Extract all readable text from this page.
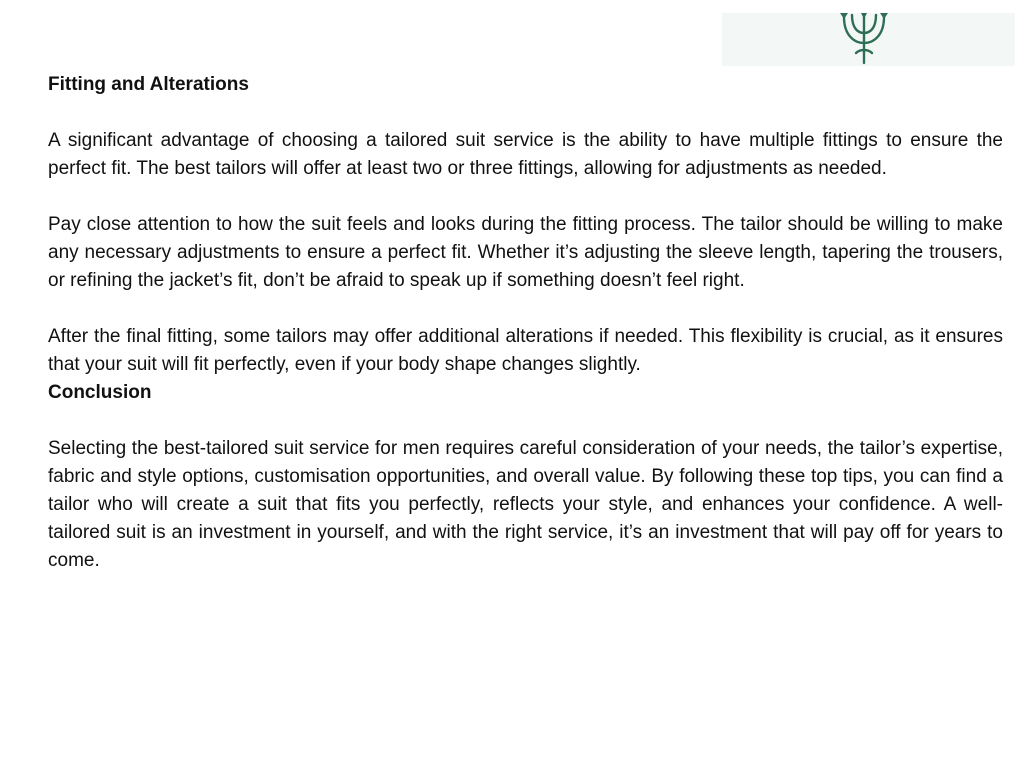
Fitting and Alterations

A significant advantage of choosing a tailored suit service is the ability to have multiple fittings to ensure the perfect fit. The best tailors will offer at least two or three fittings, allowing for adjustments as needed.

Pay close attention to how the suit feels and looks during the fitting process. The tailor should be willing to make any necessary adjustments to ensure a perfect fit. Whether it’s adjusting the sleeve length, tapering the trousers, or refining the jacket’s fit, don’t be afraid to speak up if something doesn’t feel right.

After the final fitting, some tailors may offer additional alterations if needed. This flexibility is crucial, as it ensures that your suit will fit perfectly, even if your body shape changes slightly.

Conclusion

Selecting the best-tailored suit service for men requires careful consideration of your needs, the tailor’s expertise, fabric and style options, customisation opportunities, and overall value. By following these top tips, you can find a tailor who will create a suit that fits you perfectly, reflects your style, and enhances your confidence. A well-tailored suit is an investment in yourself, and with the right service, it’s an investment that will pay off for years to come.
